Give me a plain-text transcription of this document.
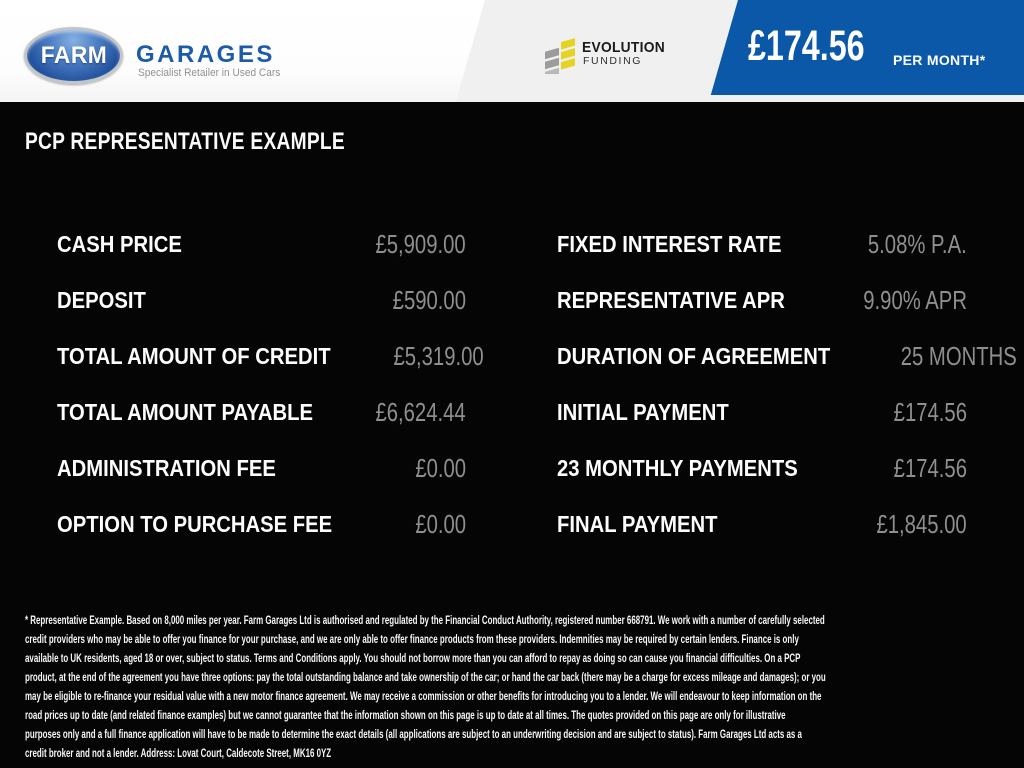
FARM GARAGES
Specialist Retailer in Used Cars
EVOLUTION
FUNDING £174.56 PER MONTH*
PCP REPRESENTATIVE EXAMPLE
CASH PRICE	£5,909.00
DEPOSIT	£590.00
TOTAL AMOUNT OF CREDIT £5,319.00
TOTAL AMOUNT PAYABLE £6,624.44
ADMINISTRATION FEE	£0.00
OPTION TO PURCHASE FEE	£0.00
FIXED INTEREST RATE	5.08% P.A.
REPRESENTATIVE APR	9.90% APR
DURATION OF AGREEMENT	25 MONTHS
INITIAL PAYMENT	£174.56
23 MONTHLY PAYMENTS	£174.56
FINAL PAYMENT	£1,845.00
* Representative Example. Based on 8,000 miles per year. Farm Garages Ltd is authorised and regulated by the Financial Conduct Authority, registered number 668791. We work with a number of carefully selected
credit providers who may be able to offer you finance for your purchase, and we are only able to offer finance products from these providers. Indemnities may be required by certain lenders. Finance is only
available to UK residents, aged 18 or over, subject to status. Terms and Conditions apply. You should not borrow more than you can afford to repay as doing so can cause you financial difficulties. On a PCP
product, at the end of the agreement you have three options: pay the total outstanding balance and take ownership of the car; or hand the car back (there may be a charge for excess mileage and damages); or you
may be eligible to re-finance your residual value with a new motor finance agreement. We may receive a commission or other benefits for introducing you to a lender. We will endeavour to keep information on the
road prices up to date (and related finance examples) but we cannot guarantee that the information shown on this page is up to date at all times. The quotes provided on this page are only for illustrative
purposes only and a full finance application will have to be made to determine the exact details (all applications are subject to an underwriting decision and are subject to status). Farm Garages Ltd acts as a
credit broker and not a lender. Address: Lovat Court, Caldecote Street, MK16 0YZ
